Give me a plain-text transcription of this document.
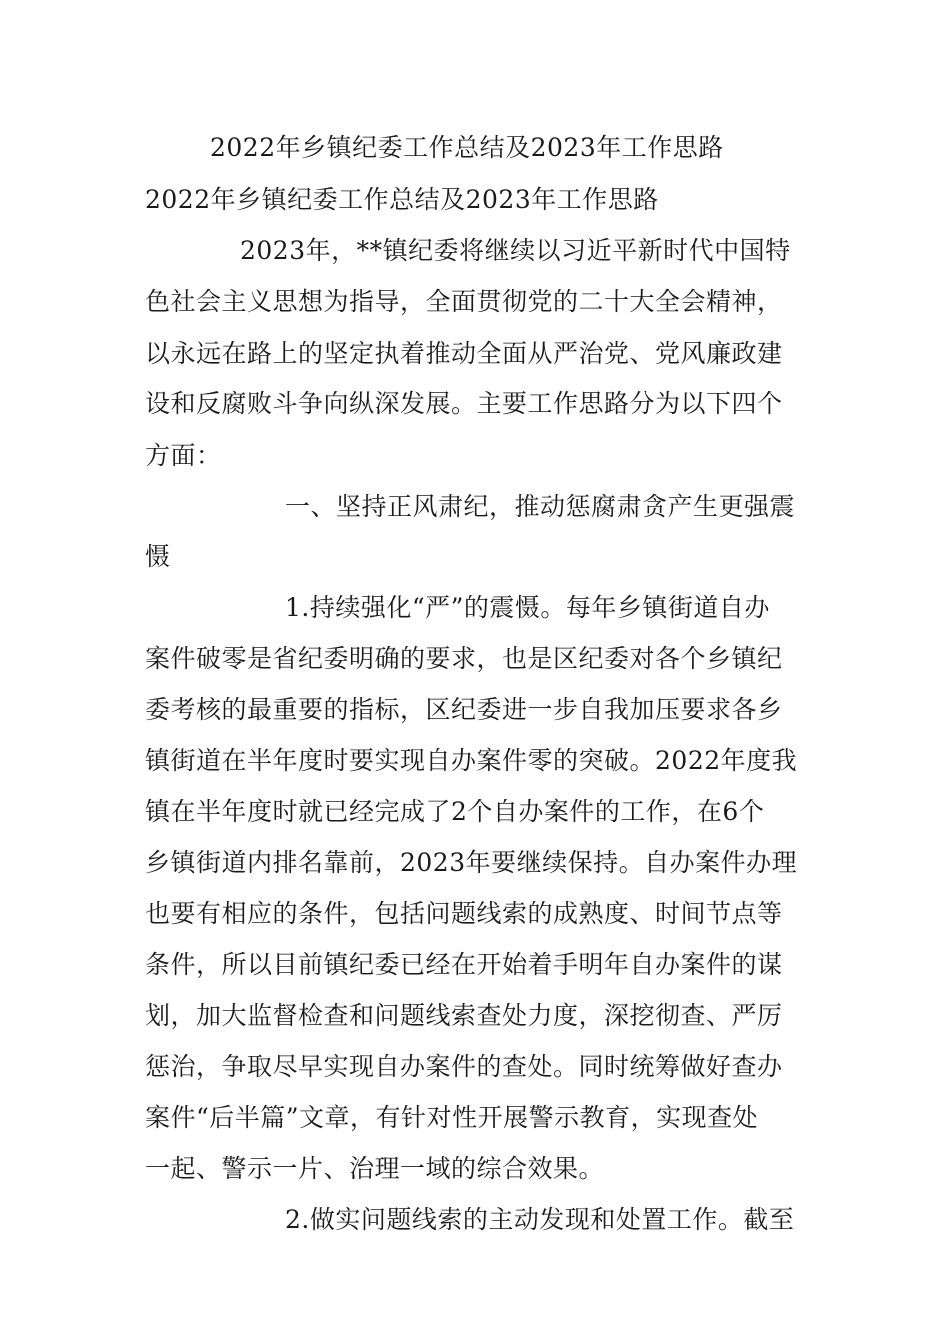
2022年乡镇纪委工作总结及2023年工作思路
2022年乡镇纪委工作总结及2023年工作思路
2023年，**镇纪委将继续以习近平新时代中国特
色社会主义思想为指导，全面贯彻党的二十大全会精神，
以永远在路上的坚定执着推动全面从严治党、党风廉政建
设和反腐败斗争向纵深发展。主要工作思路分为以下四个
方面：
一、坚持正风肃纪，推动惩腐肃贪产生更强震
慑
1.持续强化“严”的震慑。每年乡镇街道自办
案件破零是省纪委明确的要求，也是区纪委对各个乡镇纪
委考核的最重要的指标，区纪委进一步自我加压要求各乡
镇街道在半年度时要实现自办案件零的突破。2022年度我
镇在半年度时就已经完成了2个自办案件的工作，在6个
乡镇街道内排名靠前，2023年要继续保持。自办案件办理
也要有相应的条件，包括问题线索的成熟度、时间节点等
条件，所以目前镇纪委已经在开始着手明年自办案件的谋
划，加大监督检查和问题线索查处力度，深挖彻查、严厉
惩治，争取尽早实现自办案件的查处。同时统筹做好查办
案件“后半篇”文章，有针对性开展警示教育，实现查处
一起、警示一片、治理一域的综合效果。
2.做实问题线索的主动发现和处置工作。截至
